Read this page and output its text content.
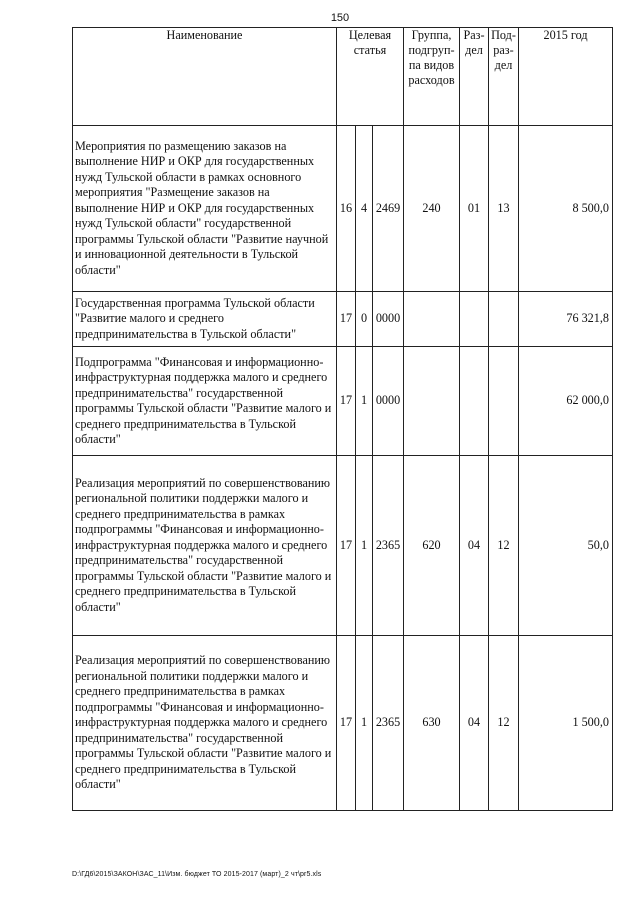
150
Наименование	Целевая статья			Группа, подгруп-па видов расходов	Раз-дел	Под-раз-дел	2015 год
Мероприятия по размещению заказов на выполнение НИР и ОКР для государственных нужд Тульской области в рамках основного мероприятия "Размещение заказов на выполнение НИР и ОКР для государственных нужд Тульской области" государственной программы Тульской области "Развитие научной и инновационной деятельности в Тульской области"	16	4	2469	240	01	13	8 500,0
Государственная программа Тульской области "Развитие малого и среднего предпринимательства в Тульской области"	17	0	0000				76 321,8
Подпрограмма "Финансовая и информационно-инфраструктурная поддержка малого и среднего предпринимательства" государственной программы Тульской области "Развитие малого и среднего предпринимательства в Тульской области"	17	1	0000				62 000,0
Реализация мероприятий по совершенствованию региональной политики поддержки малого и среднего предпринимательства в рамках подпрограммы "Финансовая и информационно-инфраструктурная поддержка малого и среднего предпринимательства" государственной программы Тульской области "Развитие малого и среднего предпринимательства в Тульской области"	17	1	2365	620	04	12	50,0
Реализация мероприятий по совершенствованию региональной политики поддержки малого и среднего предпринимательства в рамках подпрограммы "Финансовая и информационно-инфраструктурная поддержка малого и среднего предпринимательства" государственной программы Тульской области "Развитие малого и среднего предпринимательства в Тульской области"	17	1	2365	630	04	12	1 500,0
D:\ГД6\2015\ЗАКОН\ЗАС_11\Изм. бюджет ТО 2015-2017 (март)_2 чт\pr5.xls
